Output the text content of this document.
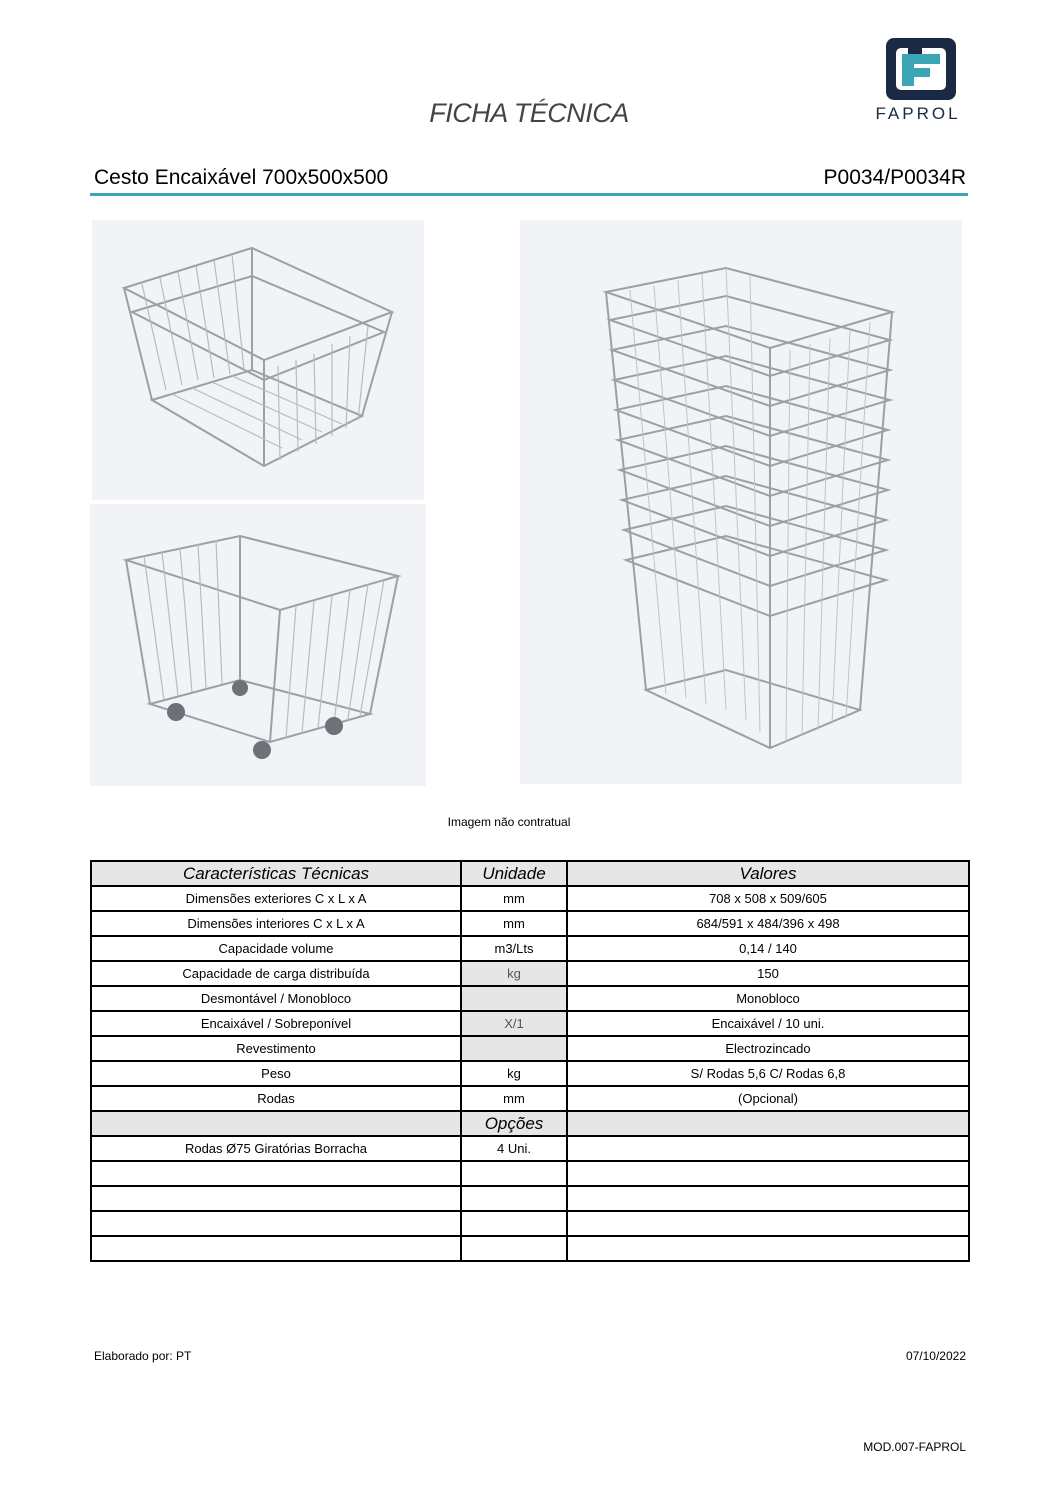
FICHA TÉCNICA	FAPROL
Cesto Encaixável 700x500x500	P0034/P0034R
Imagem não contratual
Características Técnicas	Unidade	Valores
Dimensões exteriores C x L x A	mm	708 x 508 x 509/605
Dimensões interiores C x L x A	mm	684/591 x 484/396 x 498
Capacidade volume	m3/Lts	0,14 / 140
Capacidade de carga distribuída	kg	150
Desmontável / Monobloco		Monobloco
Encaixável / Sobreponível	X/1	Encaixável / 10 uni.
Revestimento		Electrozincado
Peso	kg	S/ Rodas 5,6 C/ Rodas 6,8
Rodas	mm	(Opcional)
	Opções	
Rodas Ø75 Giratórias Borracha	4 Uni.	

Elaborado por: PT	07/10/2022
MOD.007-FAPROL
